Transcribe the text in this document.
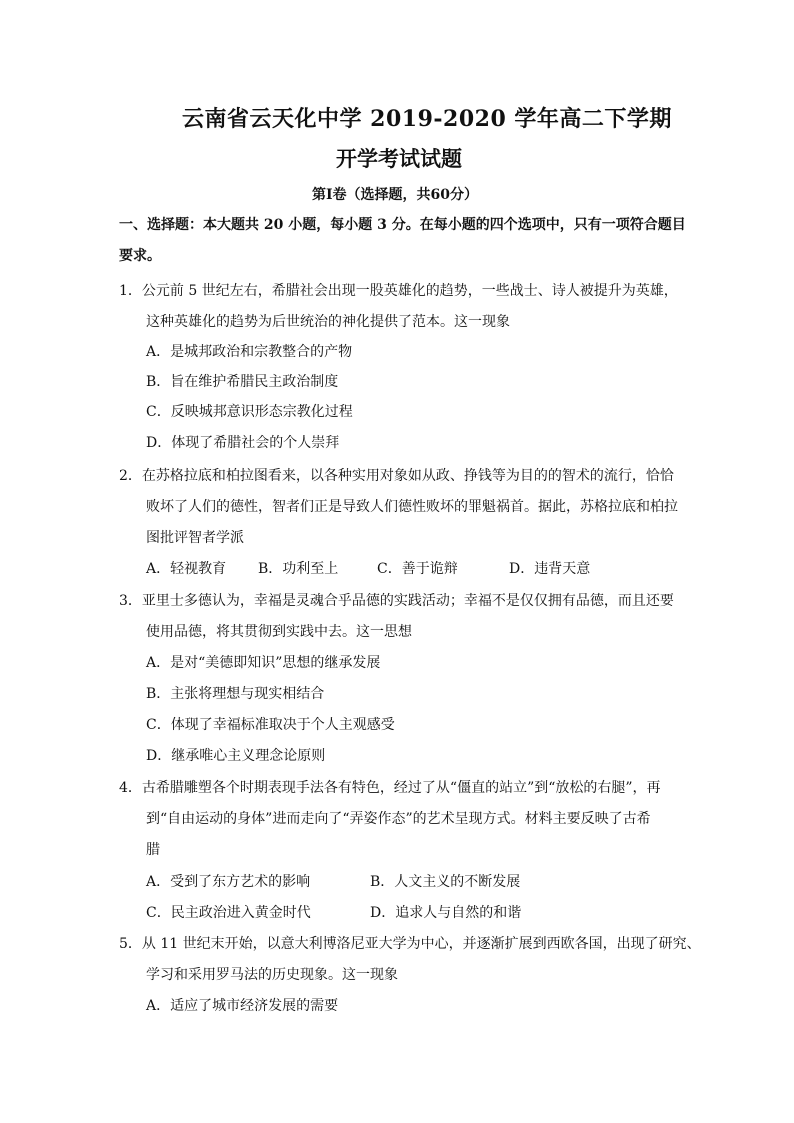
云南省云天化中学 2019-2020 学年高二下学期
开学考试试题
第Ⅰ卷（选择题，共60分）
一、选择题：本大题共 20 小题，每小题 3 分。在每小题的四个选项中，只有一项符合题目
要求。
1．公元前 5 世纪左右，希腊社会出现一股英雄化的趋势，一些战士、诗人被提升为英雄，
这种英雄化的趋势为后世统治的神化提供了范本。这一现象
A．是城邦政治和宗教整合的产物
B．旨在维护希腊民主政治制度
C．反映城邦意识形态宗教化过程
D．体现了希腊社会的个人崇拜
2．在苏格拉底和柏拉图看来，以各种实用对象如从政、挣钱等为目的的智术的流行，恰恰
败坏了人们的德性，智者们正是导致人们德性败坏的罪魁祸首。据此，苏格拉底和柏拉
图批评智者学派
A．轻视教育 B．功利至上	C．善于诡辩	D．违背天意
3．亚里士多德认为，幸福是灵魂合乎品德的实践活动；幸福不是仅仅拥有品德，而且还要
使用品德，将其贯彻到实践中去。这一思想
A．是对“美德即知识”思想的继承发展
B．主张将理想与现实相结合
C．体现了幸福标准取决于个人主观感受
D．继承唯心主义理念论原则
4．古希腊雕塑各个时期表现手法各有特色，经过了从“僵直的站立”到“放松的右腿”，再
到“自由运动的身体”进而走向了“弄姿作态”的艺术呈现方式。材料主要反映了古希
腊
A．受到了东方艺术的影响	B．人文主义的不断发展
C．民主政治进入黄金时代	D．追求人与自然的和谐
5．从 11 世纪末开始，以意大利博洛尼亚大学为中心，并逐渐扩展到西欧各国，出现了研究、
学习和采用罗马法的历史现象。这一现象
A．适应了城市经济发展的需要
